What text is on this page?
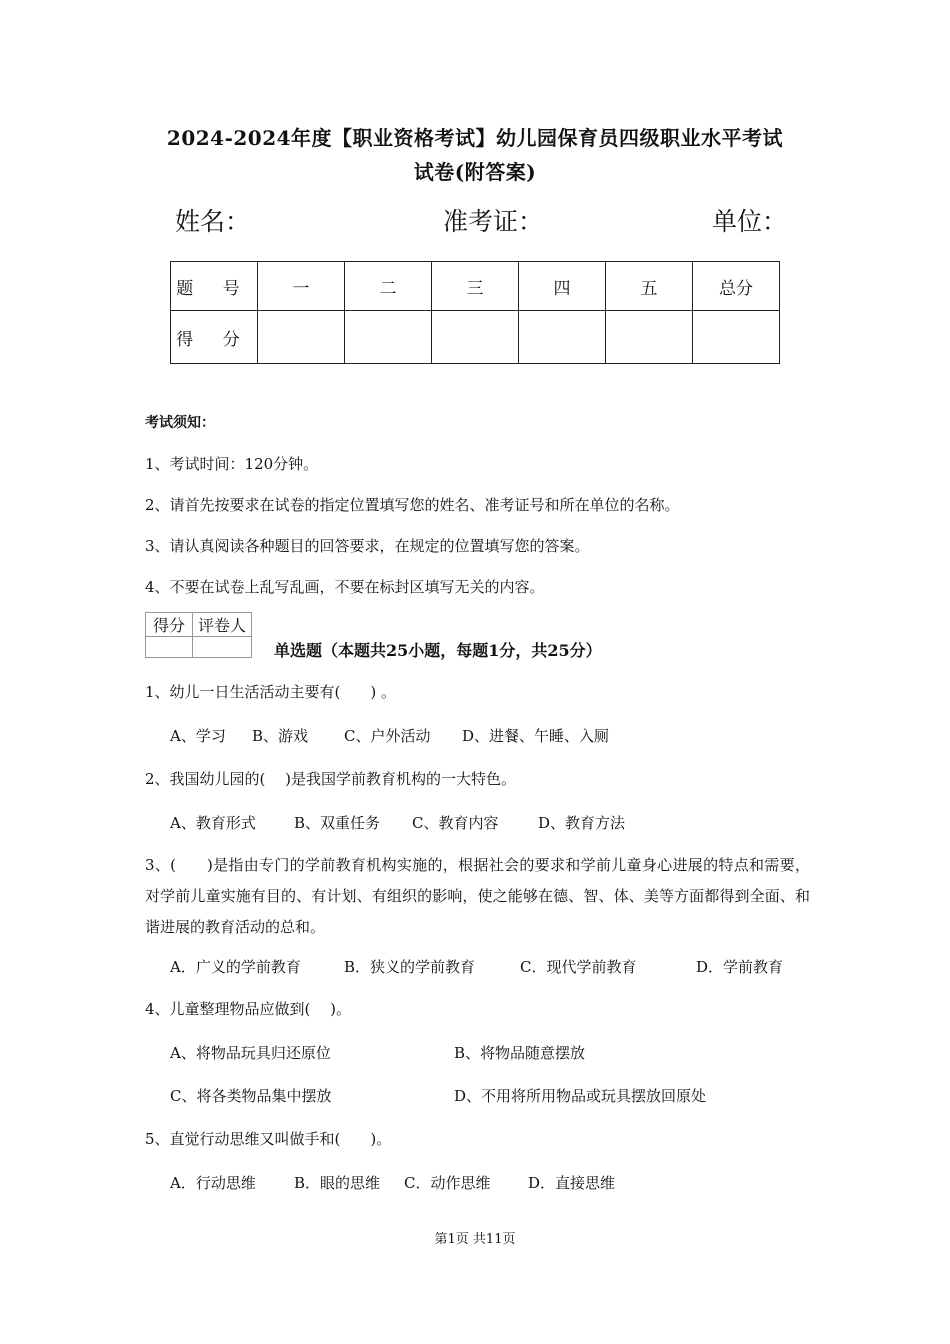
2024-2024年度【职业资格考试】幼儿园保育员四级职业水平考试
试卷(附答案)
姓名：	准考证：	单位：
题 号	一	二	三	四	五	总分
得 分						
考试须知：
1、考试时间：120分钟。
2、请首先按要求在试卷的指定位置填写您的姓名、准考证号和所在单位的名称。
3、请认真阅读各种题目的回答要求，在规定的位置填写您的答案。
4、不要在试卷上乱写乱画，不要在标封区填写无关的内容。
得分	评卷人

单选题（本题共25小题，每题1分，共25分）
1、幼儿一日生活活动主要有(　　) 。
A、学习 B、游戏 C、户外活动 D、进餐、午睡、入厕
2、我国幼儿园的(　 )是我国学前教育机构的一大特色。
A、教育形式	B、双重任务 C、教育内容	D、教育方法
3、(　　)是指由专门的学前教育机构实施的，根据社会的要求和学前儿童身心进展的特点和需要，对学前儿童实施有目的、有计划、有组织的影响，使之能够在德、智、体、美等方面都得到全面、和谐进展的教育活动的总和。
A．广义的学前教育	B．狭义的学前教育	C．现代学前教育	D．学前教育
4、儿童整理物品应做到(　 )。
A、将物品玩具归还原位	B、将物品随意摆放
C、将各类物品集中摆放	D、不用将所用物品或玩具摆放回原处
5、直觉行动思维又叫做手和(　　)。
A．行动思维	B．眼的思维 C．动作思维	D．直接思维
第1页 共11页
